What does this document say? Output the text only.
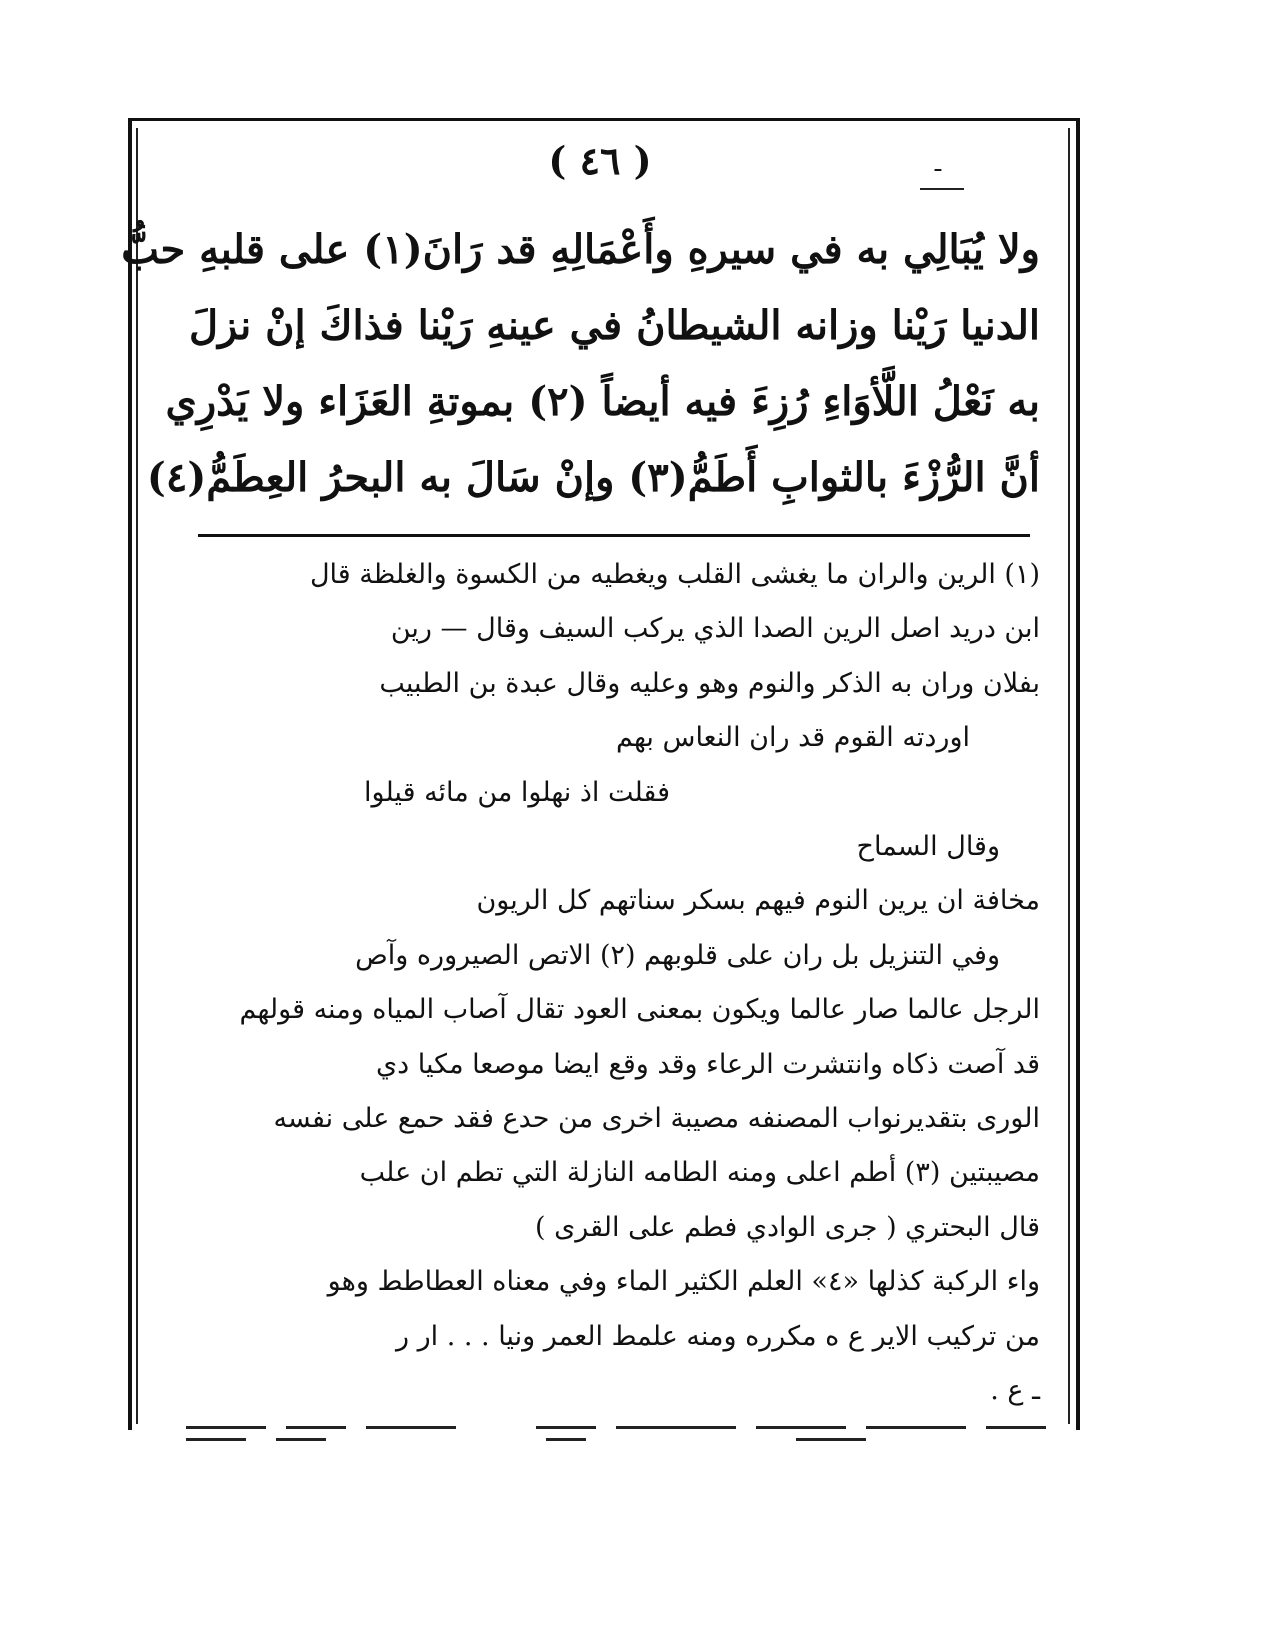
( ٤٦ )	ـ
ولا يُبَالِي به في سيرهِ وأَعْمَالِهِ قد رَانَ(١) على قلبهِ حبُّ
الدنيا رَيْنا وزانه الشيطانُ في عينهِ رَيْنا فذاكَ إنْ نزلَ
به نَعْلُ اللَّأوَاءِ رُزِءَ فيه أيضاً (٢) بموتةِ العَزَاء ولا يَدْرِي
أنَّ الرُّزْءَ بالثوابِ أَطَمُّ(٣) وإنْ سَالَ به البحرُ العِطَمُّ(٤)
(١) الرين والران ما يغشى القلب ويغطيه من الكسوة والغلظة قال
ابن دريد اصل الرين الصدا الذي يركب السيف وقال — رين
بفلان وران به الذكر والنوم وهو وعليه وقال عبدة بن الطبيب
اوردته القوم قد ران النعاس بهم
فقلت اذ نهلوا من مائه قيلوا
وقال السماح
مخافة ان يرين النوم فيهم بسكر سناتهم كل الريون
وفي التنزيل بل ران على قلوبهم (٢) الاتص الصيروره وآص
الرجل عالما صار عالما ويكون بمعنى العود تقال آصاب المياه ومنه قولهم
قد آصت ذكاه وانتشرت الرعاء وقد وقع ايضا موصعا مكيا دي
الورى بتقديرنواب المصنفه مصيبة اخرى من حدع فقد حمع على نفسه
مصيبتين (٣) أطم اعلى ومنه الطامه النازلة التي تطم ان علب
قال البحتري ( جرى الوادي فطم على القرى )
واء الركبة كذلها «٤» العلم الكثير الماء وفي معناه العطاطط وهو
من تركيب الاير ع ه مكرره ومنه علمط العمر ونيا . . . ار ر
ـ ع .
